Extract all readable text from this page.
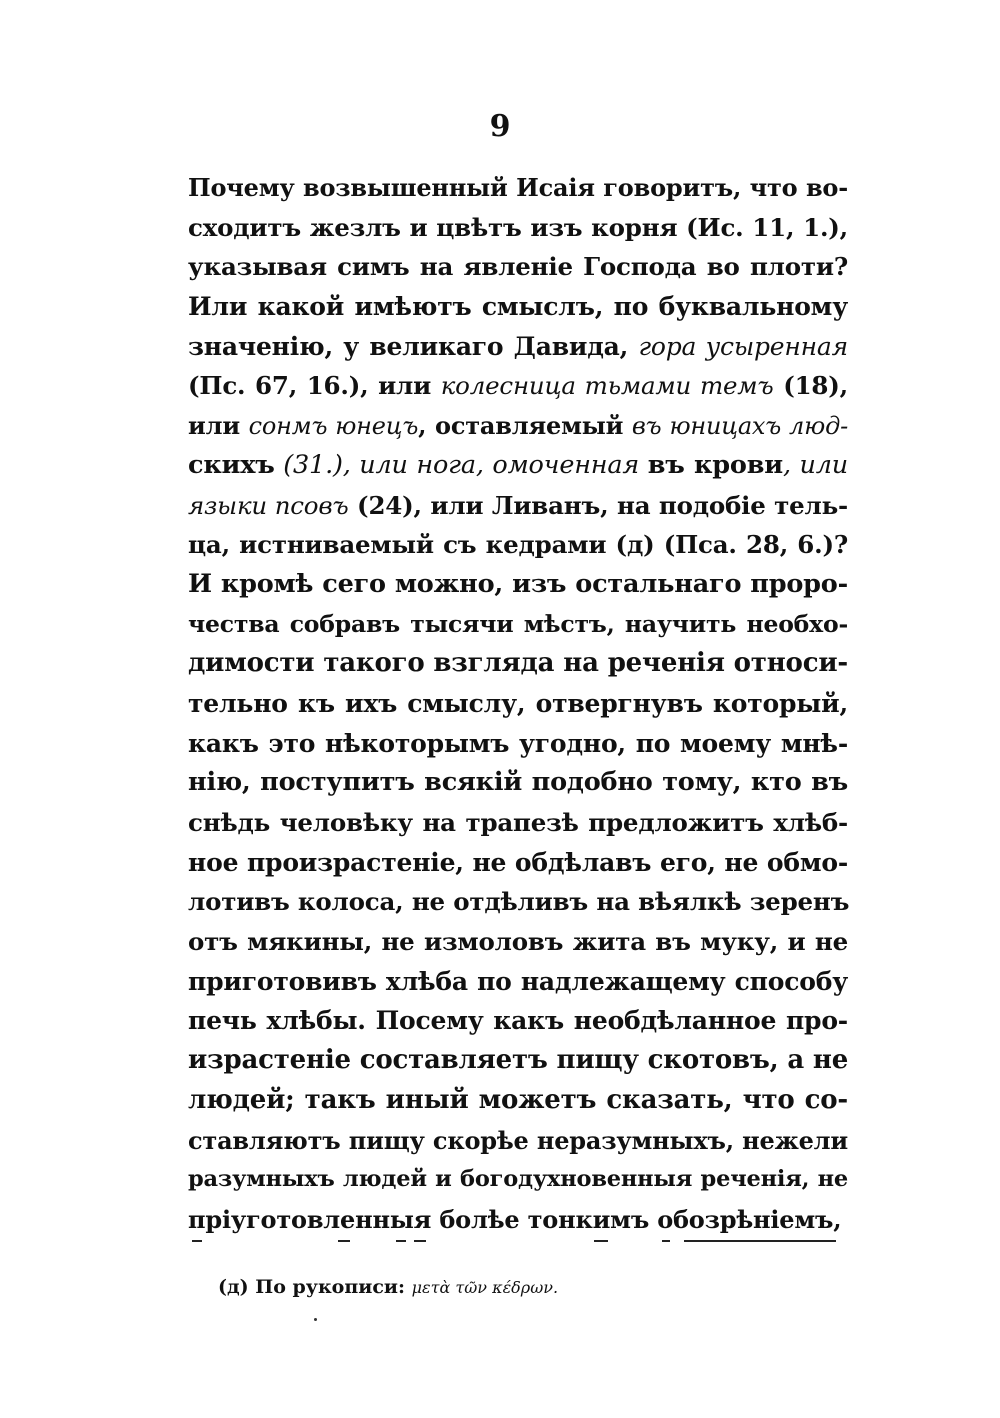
9
Почему возвышенный Исаія говоритъ, что во-
сходитъ жезлъ и цвѣтъ изъ корня (Ис. 11, 1.),
указывая симъ на явленіе Господа во плоти?
Или какой имѣютъ смыслъ, по буквальному
значенію, у великаго Давида, гора усыренная
(Пс. 67, 16.), или колесница тьмами темъ (18),
или сонмъ юнецъ, оставляемый въ юницахъ люд-
скихъ (31.), или нога, омоченная въ крови, или
языки псовъ (24), или Ливанъ, на подобіе тель-
ца, истниваемый съ кедрами (д) (Пса. 28, 6.)?
И кромѣ сего можно, изъ остальнаго проро-
чества собравъ тысячи мѣстъ, научить необхо-
димости такого взгляда на реченія относи-
тельно къ ихъ смыслу, отвергнувъ который,
какъ это нѣкоторымъ угодно, по моему мнѣ-
нію, поступитъ всякій подобно тому, кто въ
снѣдь человѣку на трапезѣ предложитъ хлѣб-
ное произрастеніе, не обдѣлавъ его, не обмо-
лотивъ колоса, не отдѣливъ на вѣялкѣ зеренъ
отъ мякины, не измоловъ жита въ муку, и не
приготовивъ хлѣба по надлежащему способу
печь хлѣбы. Посему какъ необдѣланное про-
израстеніе составляетъ пищу скотовъ, а не
людей; такъ иный можетъ сказать, что со-
ставляютъ пищу скорѣе неразумныхъ, нежели
разумныхъ людей и богодухновенныя реченія, не
пріуготовленныя болѣе тонкимъ обозрѣніемъ,
(д) По рукописи: μετὰ τῶν κέδρων.
